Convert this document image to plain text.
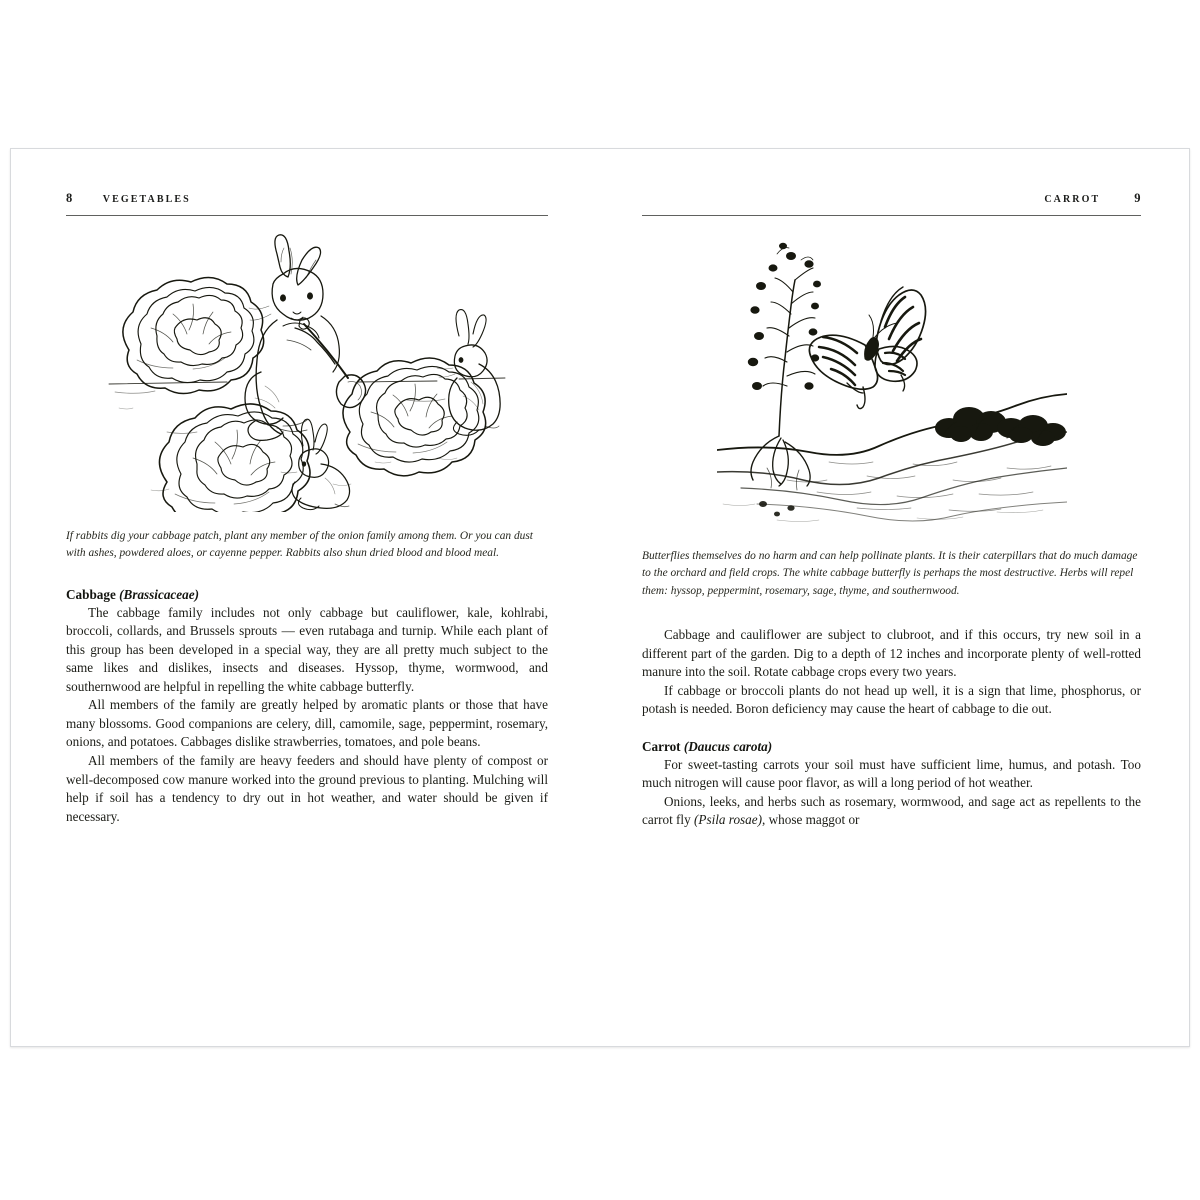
8	VEGETABLES
If rabbits dig your cabbage patch, plant any member of the onion family among them. Or you can dust with ashes, powdered aloes, or cayenne pepper. Rabbits also shun dried blood and blood meal.
Cabbage (Brassicaceae)

The cabbage family includes not only cabbage but cauliflower, kale, kohlrabi, broccoli, collards, and Brussels sprouts — even rutabaga and turnip. While each plant of this group has been developed in a special way, they are all pretty much subject to the same likes and dislikes, insects and diseases. Hyssop, thyme, wormwood, and southernwood are helpful in repelling the white cabbage butterfly.

All members of the family are greatly helped by aromatic plants or those that have many blossoms. Good companions are celery, dill, camomile, sage, peppermint, rosemary, onions, and potatoes. Cabbages dislike strawberries, tomatoes, and pole beans.

All members of the family are heavy feeders and should have plenty of compost or well-decomposed cow manure worked into the ground previous to planting. Mulching will help if soil has a tendency to dry out in hot weather, and water should be given if necessary.

CARROT	9
Butterflies themselves do no harm and can help pollinate plants. It is their caterpillars that do much damage to the orchard and field crops. The white cabbage butterfly is perhaps the most destructive. Herbs will repel them: hyssop, peppermint, rosemary, sage, thyme, and southernwood.

Cabbage and cauliflower are subject to clubroot, and if this occurs, try new soil in a different part of the garden. Dig to a depth of 12 inches and incorporate plenty of well-rotted manure into the soil. Rotate cabbage crops every two years.

If cabbage or broccoli plants do not head up well, it is a sign that lime, phosphorus, or potash is needed. Boron deficiency may cause the heart of cabbage to die out.

Carrot (Daucus carota)

For sweet-tasting carrots your soil must have sufficient lime, humus, and potash. Too much nitrogen will cause poor flavor, as will a long period of hot weather.

Onions, leeks, and herbs such as rosemary, wormwood, and sage act as repellents to the carrot fly (Psila rosae), whose maggot or
